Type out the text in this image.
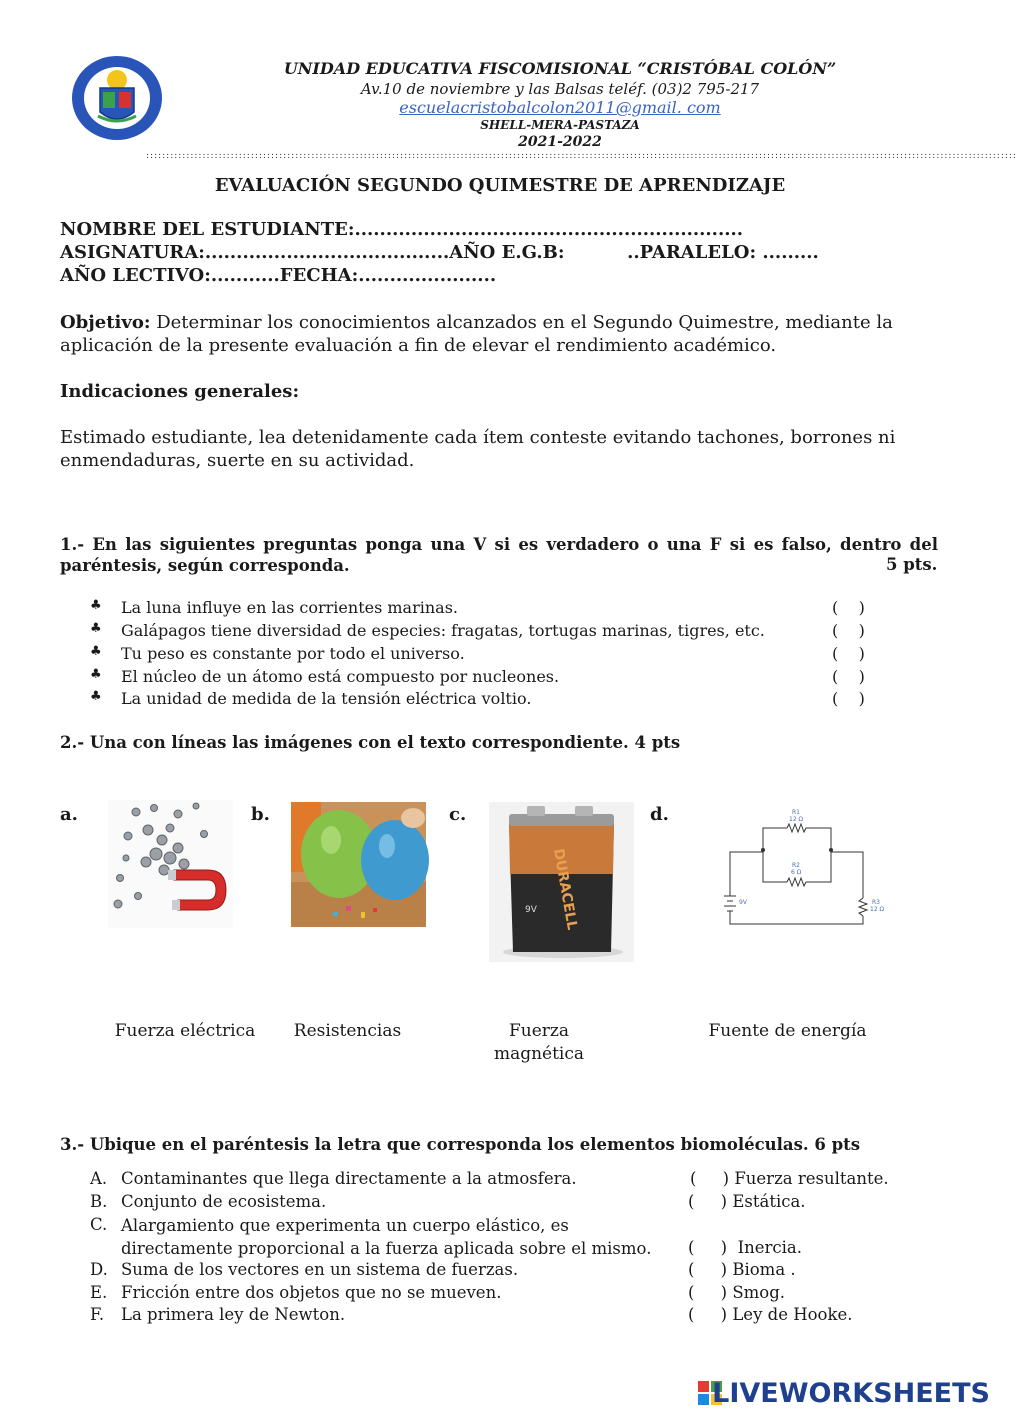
UNIDAD EDUCATIVA FISCOMISIONAL “CRISTÓBAL COLÓN”
Av.10 de noviembre y las Balsas teléf. (03)2 795-217
escuelacristobalcolon2011@gmail. com
SHELL-MERA-PASTAZA
2021-2022
::::::::::::::::::::::::::::::::::::::::::::::::::::::::::::::::::::::::::::::::::::::::::::::::::::::::::::::::::::::::::::::::::::::::::::::::::::::::::::::::::::::::::::::::::::::::::::::::::::::::::::::::::::::::
EVALUACIÓN SEGUNDO QUIMESTRE DE APRENDIZAJE
NOMBRE DEL ESTUDIANTE:..............................................................
ASIGNATURA:.......................................AÑO E.G.B:          ..PARALELO: .........
AÑO LECTIVO:...........FECHA:......................
Objetivo: Determinar los conocimientos alcanzados en el Segundo Quimestre, mediante la aplicación de la presente evaluación a fin de elevar el rendimiento académico.
Indicaciones generales:
Estimado estudiante, lea detenidamente cada ítem conteste evitando tachones, borrones ni enmendaduras, suerte en su actividad.
1.- En las siguientes preguntas ponga una V si es verdadero o una F si es falso, dentro del paréntesis, según corresponda.	5 pts.
♣ La luna influye en las corrientes marinas.	(    )
♣ Galápagos tiene diversidad de especies: fragatas, tortugas marinas, tigres, etc.	(    )
♣ Tu peso es constante por todo el universo.	(    )
♣ El núcleo de un átomo está compuesto por nucleones.	(    )
♣ La unidad de medida de la tensión eléctrica voltio.	(    )
2.- Una con líneas las imágenes con el texto correspondiente. 4 pts
a.	b.	c.	d.
DURACELL
9V
R1
12 Ω
R2
6 Ω
R3
12 Ω
9V
Fuerza eléctrica	Resistencias	Fuerza magnética
Fuente de energía
3.- Ubique en el paréntesis la letra que corresponda los elementos biomoléculas. 6 pts
A. Contaminantes que llega directamente a la atmosfera.	(     ) Fuerza resultante.
B. Conjunto de ecosistema.	(     ) Estática.
C. Alargamiento que experimenta un cuerpo elástico, es directamente proporcional a la fuerza aplicada sobre el mismo.	(     )  Inercia.
D. Suma de los vectores en un sistema de fuerzas.	(     ) Bioma .
E. Fricción entre dos objetos que no se mueven.	(     ) Smog.
F. La primera ley de Newton.	(     ) Ley de Hooke.
LIVEWORKSHEETS
